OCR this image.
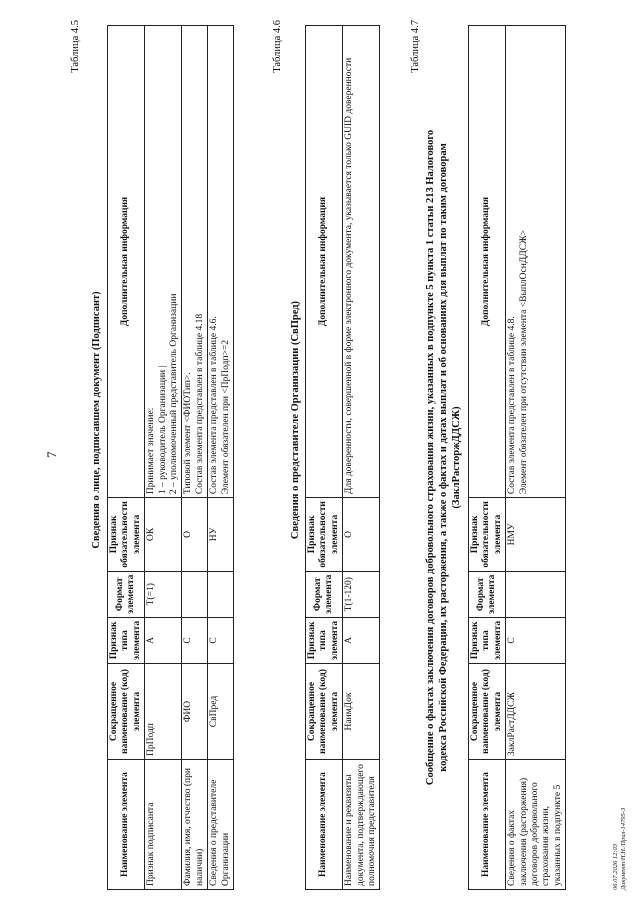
7
Таблица 4.5
Сведения о лице, подписавшем документ (Подписант)
Наименование элемента	Сокращенное наименование (код) элемента	Признак типа элемента	Формат элемента	Признак обязательности элемента	Дополнительная информация
Признак подписанта	ПрПодп	А	T(=1)	ОК	Принимает значение: 1 – руководитель Организации | 2 – уполномоченный представитель Организации

Фамилия, имя, отчество (при наличии)	ФИО	С		О	Типовой элемент <ФИОТип>. Состав элемента представлен в таблице 4.18

Сведения о представителе Организации	СвПред	С		НУ	Состав элемента представлен в таблице 4.6. Элемент обязателен при <ПрПодп>=2
Таблица 4.6
Сведения о представителе Организации (СвПред)
Наименование элемента	Сокращенное наименование (код) элемента	Признак типа элемента	Формат элемента	Признак обязательности элемента	Дополнительная информация
Наименование и реквизиты документа, подтверждающего полномочия представителя	НаимДок	А	T(1-120)	О	Для доверенности, совершенной в форме электронного документа, указывается только GUID доверенности
Таблица 4.7
Сообщение о фактах заключения договоров добровольного страхования жизни, указанных в подпункте 5 пункта 1 статьи 213 Налогового кодекса Российской Федерации, их расторжения, а также о фактах и датах выплат и об основаниях для выплат по таким договорам (ЗаклРасторжДДСЖ)
Наименование элемента	Сокращенное наименование (код) элемента	Признак типа элемента	Формат элемента	Признак обязательности элемента	Дополнительная информация
Сведения о фактах заключения (расторжения) договоров добровольного страхования жизни, указанных в подпункте 5	ЗаклРастДДСЖ	С		НМУ	Состав элемента представлен в таблице 4.8. Элемент обязателен при отсутствии элемента <ВыплОснДДСЖ>
06.07.2026 12:03 Документ/Н.Н./Прил-14795-3
